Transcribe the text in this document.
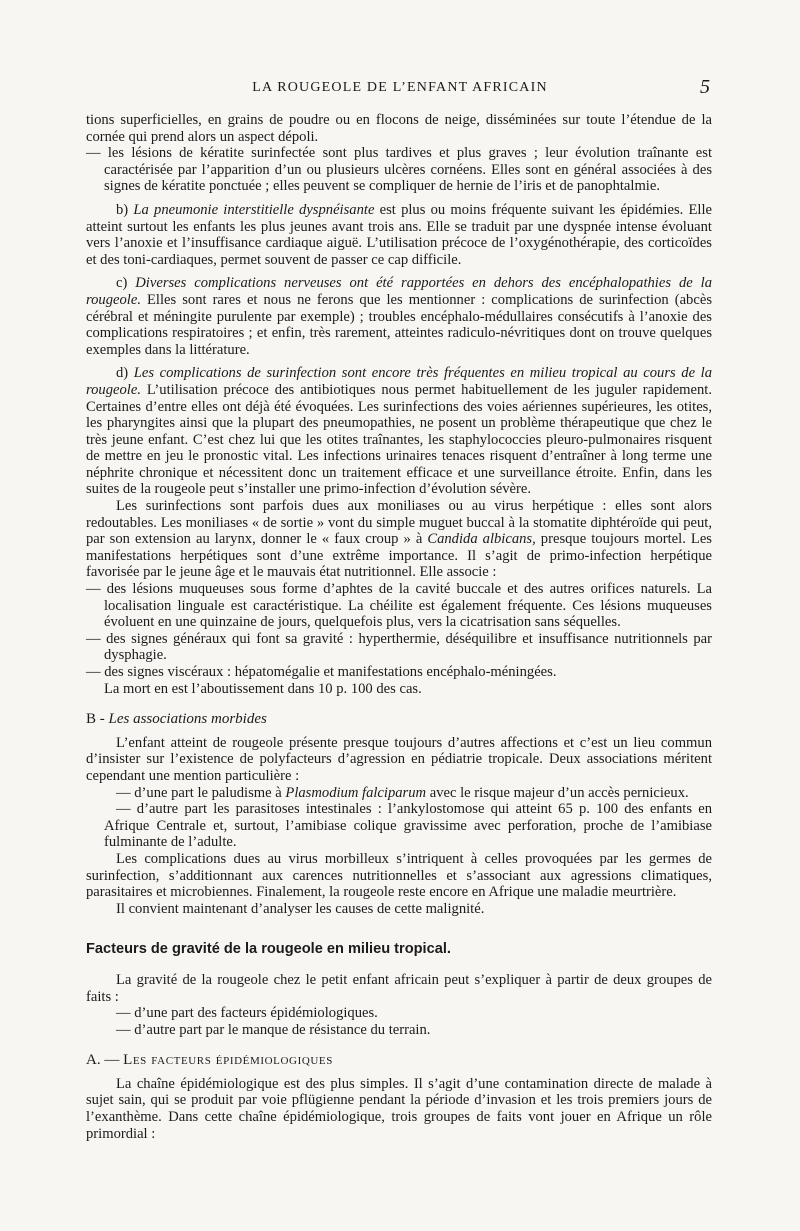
LA ROUGEOLE DE L’ENFANT AFRICAIN	5

tions superficielles, en grains de poudre ou en flocons de neige, disséminées sur toute l’étendue de la cornée qui prend alors un aspect dépoli.

— les lésions de kératite surinfectée sont plus tardives et plus graves ; leur évolution traînante est caractérisée par l’apparition d’un ou plusieurs ulcères cornéens. Elles sont en général associées à des signes de kératite ponctuée ; elles peuvent se compliquer de hernie de l’iris et de panophtalmie.

b) La pneumonie interstitielle dyspnéisante est plus ou moins fréquente suivant les épidémies. Elle atteint surtout les enfants les plus jeunes avant trois ans. Elle se traduit par une dyspnée intense évoluant vers l’anoxie et l’insuffisance cardiaque aiguë. L’utilisation précoce de l’oxygénothérapie, des corticoïdes et des toni-cardiaques, permet souvent de passer ce cap difficile.

c) Diverses complications nerveuses ont été rapportées en dehors des encéphalopathies de la rougeole. Elles sont rares et nous ne ferons que les mentionner : complications de surinfection (abcès cérébral et méningite purulente par exemple) ; troubles encéphalo-médullaires consécutifs à l’anoxie des complications respiratoires ; et enfin, très rarement, atteintes radiculo-névritiques dont on trouve quelques exemples dans la littérature.

d) Les complications de surinfection sont encore très fréquentes en milieu tropical au cours de la rougeole. L’utilisation précoce des antibiotiques nous permet habituellement de les juguler rapidement. Certaines d’entre elles ont déjà été évoquées. Les surinfections des voies aériennes supérieures, les otites, les pharyngites ainsi que la plupart des pneumopathies, ne posent un problème thérapeutique que chez le très jeune enfant. C’est chez lui que les otites traînantes, les staphylococcies pleuro-pulmonaires risquent de mettre en jeu le pronostic vital. Les infections urinaires tenaces risquent d’entraîner à long terme une néphrite chronique et nécessitent donc un traitement efficace et une surveillance étroite. Enfin, dans les suites de la rougeole peut s’installer une primo-infection d’évolution sévère.

Les surinfections sont parfois dues aux moniliases ou au virus herpétique : elles sont alors redoutables. Les moniliases « de sortie » vont du simple muguet buccal à la stomatite diphtéroïde qui peut, par son extension au larynx, donner le « faux croup » à Candida albicans, presque toujours mortel. Les manifestations herpétiques sont d’une extrême importance. Il s’agit de primo-infection herpétique favorisée par le jeune âge et le mauvais état nutritionnel. Elle associe :

— des lésions muqueuses sous forme d’aphtes de la cavité buccale et des autres orifices naturels. La localisation linguale est caractéristique. La chéilite est également fréquente. Ces lésions muqueuses évoluent en une quinzaine de jours, quelquefois plus, vers la cicatrisation sans séquelles.

— des signes généraux qui font sa gravité : hyperthermie, déséquilibre et insuffisance nutritionnels par dysphagie.

— des signes viscéraux : hépatomégalie et manifestations encéphalo-méningées.

La mort en est l’aboutissement dans 10 p. 100 des cas.

B - Les associations morbides

L’enfant atteint de rougeole présente presque toujours d’autres affections et c’est un lieu commun d’insister sur l’existence de polyfacteurs d’agression en pédiatrie tropicale. Deux associations méritent cependant une mention particulière :

— d’une part le paludisme à Plasmodium falciparum avec le risque majeur d’un accès pernicieux.

— d’autre part les parasitoses intestinales : l’ankylostomose qui atteint 65 p. 100 des enfants en Afrique Centrale et, surtout, l’amibiase colique gravissime avec perforation, proche de l’amibiase fulminante de l’adulte.

Les complications dues au virus morbilleux s’intriquent à celles provoquées par les germes de surinfection, s’additionnant aux carences nutritionnelles et s’associant aux agressions climatiques, parasitaires et microbiennes. Finalement, la rougeole reste encore en Afrique une maladie meurtrière.

Il convient maintenant d’analyser les causes de cette malignité.

Facteurs de gravité de la rougeole en milieu tropical.

La gravité de la rougeole chez le petit enfant africain peut s’expliquer à partir de deux groupes de faits :

— d’une part des facteurs épidémiologiques.

— d’autre part par le manque de résistance du terrain.

A. — Les facteurs épidémiologiques

La chaîne épidémiologique est des plus simples. Il s’agit d’une contamination directe de malade à sujet sain, qui se produit par voie pflügienne pendant la période d’invasion et les trois premiers jours de l’exanthème. Dans cette chaîne épidémiologique, trois groupes de faits vont jouer en Afrique un rôle primordial :
